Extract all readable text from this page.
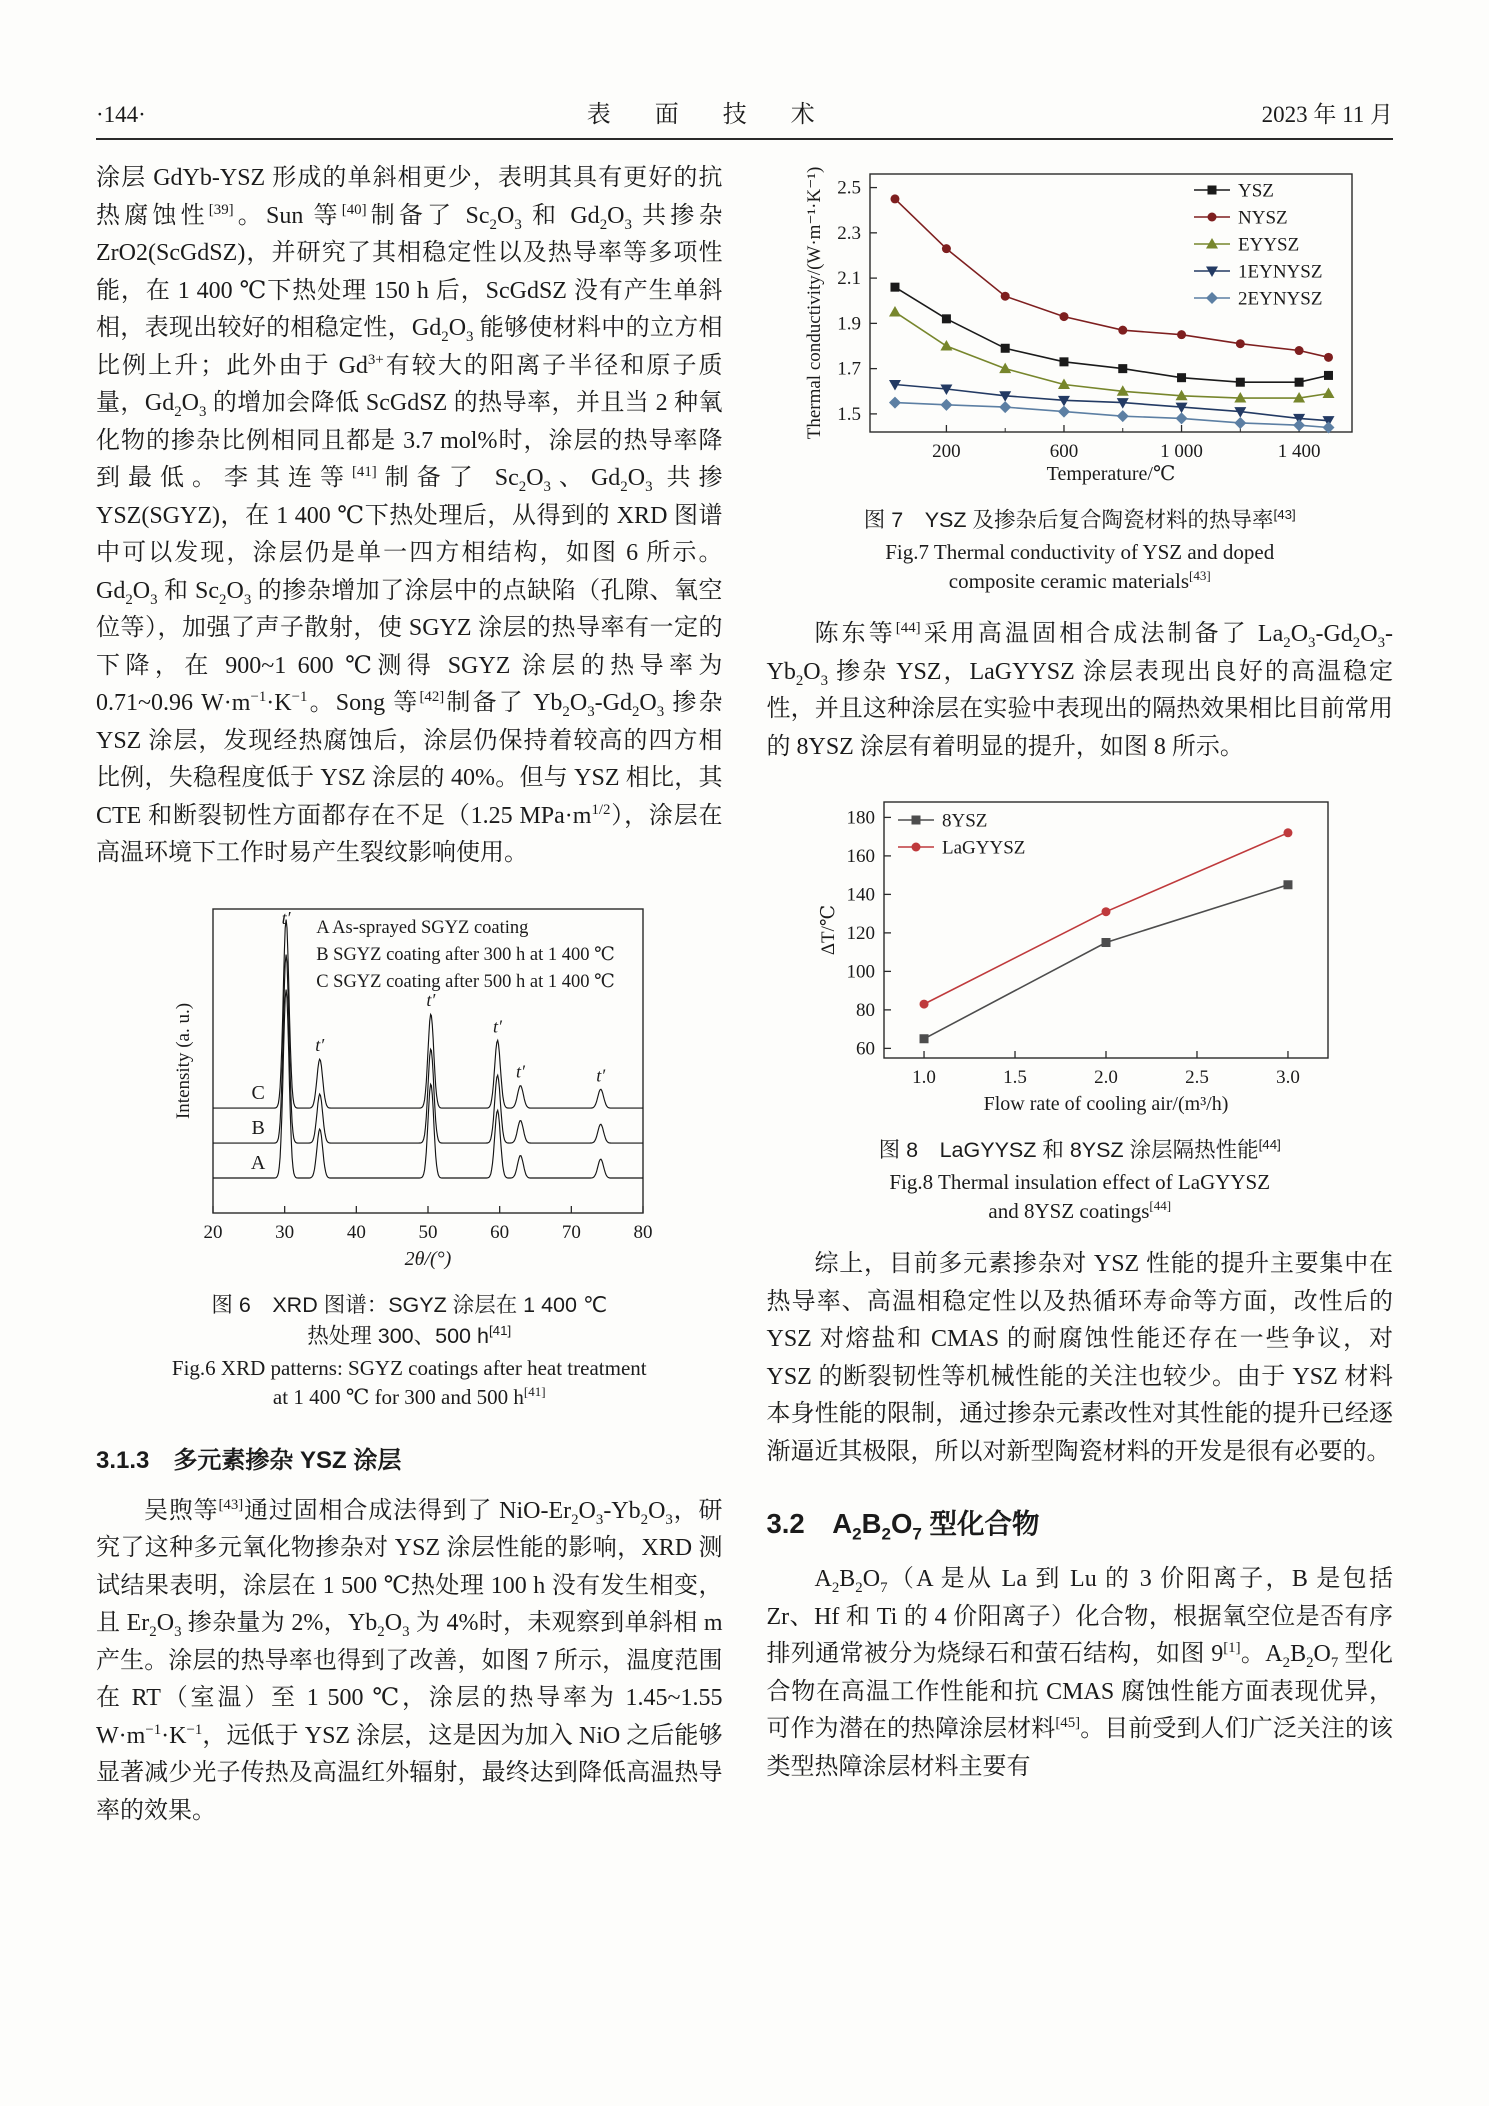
·144·	表 面 技 术	2023 年 11 月

涂层 GdYb-YSZ 形成的单斜相更少，表明其具有更好的抗热腐蚀性[39]。Sun 等[40]制备了 $Sc_2O_3$ 和 $Gd_2O_3$ 共掺杂 ZrO2(ScGdSZ)，并研究了其相稳定性以及热导率等多项性能，在 1 400 ℃下热处理 150 h 后，ScGdSZ 没有产生单斜相，表现出较好的相稳定性，$Gd_2O_3$ 能够使材料中的立方相比例上升；此外由于 $Gd^{3+}$有较大的阳离子半径和原子质量，$Gd_2O_3$ 的增加会降低 ScGdSZ 的热导率，并且当 2 种氧化物的掺杂比例相同且都是 3.7 mol%时，涂层的热导率降到最低。李其连等[41]制备了 $Sc_2O_3$、$Gd_2O_3$ 共掺 YSZ(SGYZ)，在 1 400 ℃下热处理后，从得到的 XRD 图谱中可以发现，涂层仍是单一四方相结构，如图 6 所示。$Gd_2O_3$ 和 $Sc_2O_3$ 的掺杂增加了涂层中的点缺陷（孔隙、氧空位等），加强了声子散射，使 SGYZ 涂层的热导率有一定的下降，在 900~1 600 ℃测得 SGYZ 涂层的热导率为 0.71~0.96 $W\cdot m^{-1}\cdot K^{-1}$。Song 等[42]制备了 $Yb_2O_3-Gd_2O_3$ 掺杂 YSZ 涂层，发现经热腐蚀后，涂层仍保持着较高的四方相比例，失稳程度低于 YSZ 涂层的 40%。但与 YSZ 相比，其 CTE 和断裂韧性方面都存在不足（1.25 $MPa\cdot m^{1/2}$），涂层在高温环境下工作时易产生裂纹影响使用。

20	30	40	50	60	70	80
A
B
C
t′
t′
t′
t′
t′	t′
A As-sprayed SGYZ coating
B SGYZ coating after 300 h at 1 400 ℃
C SGYZ coating after 500 h at 1 400 ℃
2θ/(°)
Intensity (a. u.)
图 6　XRD 图谱：SGYZ 涂层在 1 400 ℃
热处理 300、500 h[41]
Fig.6 XRD patterns: SGYZ coatings after heat treatment
at 1 400 ℃ for 300 and 500 h[41]
3.1.3　多元素掺杂 YSZ 涂层

吴煦等[43]通过固相合成法得到了 NiO-$Er_2O_3-Yb_2O_3$，研究了这种多元氧化物掺杂对 YSZ 涂层性能的影响，XRD 测试结果表明，涂层在 1 500 ℃热处理 100 h 没有发生相变，且 $Er_2O_3$ 掺杂量为 2%，$Yb_2O_3$ 为 4%时，未观察到单斜相 m 产生。涂层的热导率也得到了改善，如图 7 所示，温度范围在 RT（室温）至 1 500 ℃，涂层的热导率为 1.45~1.55 $W\cdot m^{-1}\cdot K^{-1}$，远低于 YSZ 涂层，这是因为加入 NiO 之后能够显著减少光子传热及高温红外辐射，最终达到降低高温热导率的效果。

200	600	1 000	1 400
1.5
1.7
1.9
2.1
2.3
2.5
Temperature/℃
Thermal conductivity/(W·m⁻¹·K⁻¹)	YSZ
NYSZ
EYYSZ
1EYNYSZ
2EYNYSZ
图 7　YSZ 及掺杂后复合陶瓷材料的热导率[43]
Fig.7 Thermal conductivity of YSZ and doped
composite ceramic materials[43]

陈东等[44]采用高温固相合成法制备了 $La_2O_3-Gd_2O_3-Yb_2O_3$ 掺杂 YSZ，LaGYYSZ 涂层表现出良好的高温稳定性，并且这种涂层在实验中表现出的隔热效果相比目前常用的 8YSZ 涂层有着明显的提升，如图 8 所示。

1.0	1.5	2.0	2.5	3.0
60
80
100
120
140
160
180
Flow rate of cooling air/(m³/h)
ΔT/℃
8YSZ
LaGYYSZ
图 8　LaGYYSZ 和 8YSZ 涂层隔热性能[44]
Fig.8 Thermal insulation effect of LaGYYSZ
and 8YSZ coatings[44]

综上，目前多元素掺杂对 YSZ 性能的提升主要集中在热导率、高温相稳定性以及热循环寿命等方面，改性后的 YSZ 对熔盐和 CMAS 的耐腐蚀性能还存在一些争议，对 YSZ 的断裂韧性等机械性能的关注也较少。由于 YSZ 材料本身性能的限制，通过掺杂元素改性对其性能的提升已经逐渐逼近其极限，所以对新型陶瓷材料的开发是很有必要的。

3.2　$A_2B_2O_7$ 型化合物

$A_2B_2O_7(A$ 是从 La 到 Lu 的 3 价阳离子，B 是包括 Zr、Hf 和 Ti 的 4 价阳离子）化合物，根据氧空位是否有序排列通常被分为烧绿石和萤石结构，如图 9[1]。$A_2B_2O_7$ 型化合物在高温工作性能和抗 CMAS 腐蚀性能方面表现优异，可作为潜在的热障涂层材料[45]。目前受到人们广泛关注的该类型热障涂层材料主要有
